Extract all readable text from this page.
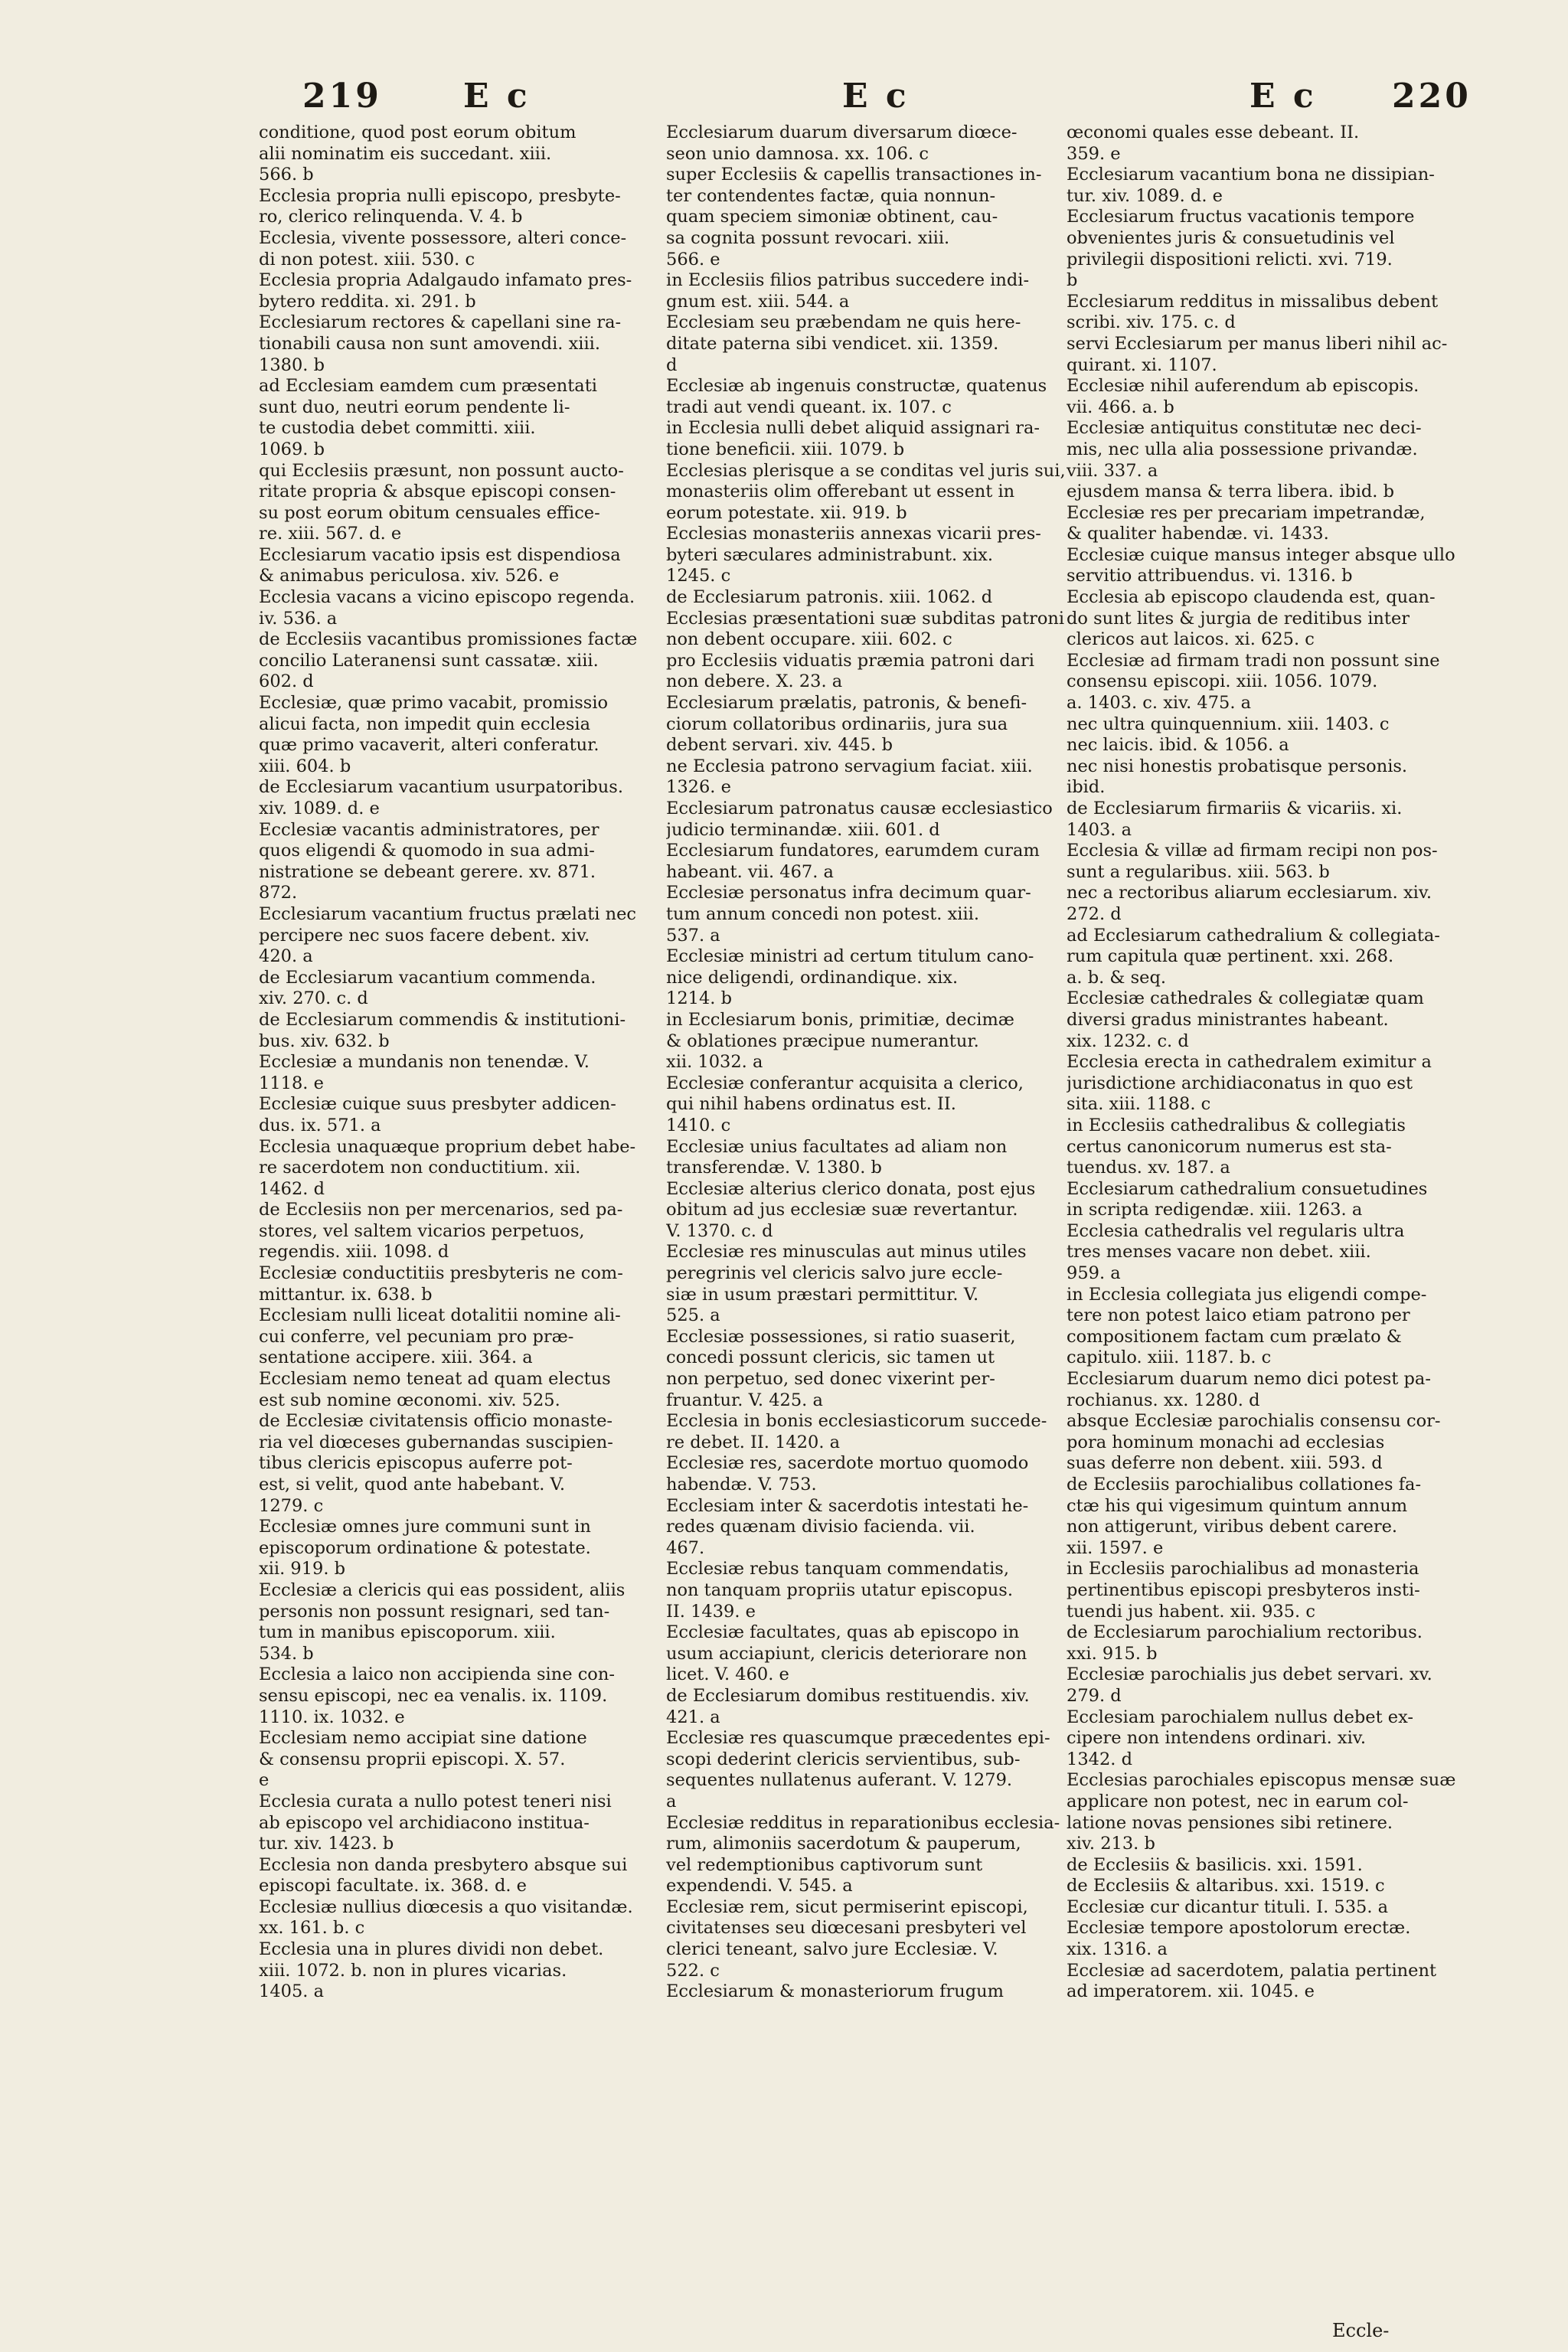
219 E c	E c	E c 220
conditione, quod post eorum obitum
alii nominatim eis succedant. xiii.
566. b
Ecclesia propria nulli episcopo, presbyte-
ro, clerico relinquenda. V. 4. b
Ecclesia, vivente possessore, alteri conce-
di non potest. xiii. 530. c
Ecclesia propria Adalgaudo infamato pres-
bytero reddita. xi. 291. b
Ecclesiarum rectores & capellani sine ra-
tionabili causa non sunt amovendi. xiii.
1380. b
ad Ecclesiam eamdem cum præsentati
sunt duo, neutri eorum pendente li-
te custodia debet committi. xiii.
1069. b
qui Ecclesiis præsunt, non possunt aucto-
ritate propria & absque episcopi consen-
su post eorum obitum censuales effice-
re. xiii. 567. d. e
Ecclesiarum vacatio ipsis est dispendiosa
& animabus periculosa. xiv. 526. e
Ecclesia vacans a vicino episcopo regenda.
iv. 536. a
de Ecclesiis vacantibus promissiones factæ
concilio Lateranensi sunt cassatæ. xiii.
602. d
Ecclesiæ, quæ primo vacabit, promissio
alicui facta, non impedit quin ecclesia
quæ primo vacaverit, alteri conferatur.
xiii. 604. b
de Ecclesiarum vacantium usurpatoribus.
xiv. 1089. d. e
Ecclesiæ vacantis administratores, per
quos eligendi & quomodo in sua admi-
nistratione se debeant gerere. xv. 871.
872.
Ecclesiarum vacantium fructus prælati nec
percipere nec suos facere debent. xiv.
420. a
de Ecclesiarum vacantium commenda.
xiv. 270. c. d
de Ecclesiarum commendis & institutioni-
bus. xiv. 632. b
Ecclesiæ a mundanis non tenendæ. V.
1118. e
Ecclesiæ cuique suus presbyter addicen-
dus. ix. 571. a
Ecclesia unaquæque proprium debet habe-
re sacerdotem non conductitium. xii.
1462. d
de Ecclesiis non per mercenarios, sed pa-
stores, vel saltem vicarios perpetuos,
regendis. xiii. 1098. d
Ecclesiæ conductitiis presbyteris ne com-
mittantur. ix. 638. b
Ecclesiam nulli liceat dotalitii nomine ali-
cui conferre, vel pecuniam pro præ-
sentatione accipere. xiii. 364. a
Ecclesiam nemo teneat ad quam electus
est sub nomine œconomi. xiv. 525.
de Ecclesiæ civitatensis officio monaste-
ria vel diœceses gubernandas suscipien-
tibus clericis episcopus auferre pot-
est, si velit, quod ante habebant. V.
1279. c
Ecclesiæ omnes jure communi sunt in
episcoporum ordinatione & potestate.
xii. 919. b
Ecclesiæ a clericis qui eas possident, aliis
personis non possunt resignari, sed tan-
tum in manibus episcoporum. xiii.
534. b
Ecclesia a laico non accipienda sine con-
sensu episcopi, nec ea venalis. ix. 1109.
1110. ix. 1032. e
Ecclesiam nemo accipiat sine datione
& consensu proprii episcopi. X. 57.
e
Ecclesia curata a nullo potest teneri nisi
ab episcopo vel archidiacono institua-
tur. xiv. 1423. b
Ecclesia non danda presbytero absque sui
episcopi facultate. ix. 368. d. e
Ecclesiæ nullius diœcesis a quo visitandæ.
xx. 161. b. c
Ecclesia una in plures dividi non debet.
xiii. 1072. b. non in plures vicarias.
1405. a
Ecclesiarum duarum diversarum diœce-
seon unio damnosa. xx. 106. c
super Ecclesiis & capellis transactiones in-
ter contendentes factæ, quia nonnun-
quam speciem simoniæ obtinent, cau-
sa cognita possunt revocari. xiii.
566. e
in Ecclesiis filios patribus succedere indi-
gnum est. xiii. 544. a
Ecclesiam seu præbendam ne quis here-
ditate paterna sibi vendicet. xii. 1359.
d
Ecclesiæ ab ingenuis constructæ, quatenus
tradi aut vendi queant. ix. 107. c
in Ecclesia nulli debet aliquid assignari ra-
tione beneficii. xiii. 1079. b
Ecclesias plerisque a se conditas vel juris sui,
monasteriis olim offerebant ut essent in
eorum potestate. xii. 919. b
Ecclesias monasteriis annexas vicarii pres-
byteri sæculares administrabunt. xix.
1245. c
de Ecclesiarum patronis. xiii. 1062. d
Ecclesias præsentationi suæ subditas patroni
non debent occupare. xiii. 602. c
pro Ecclesiis viduatis præmia patroni dari
non debere. X. 23. a
Ecclesiarum prælatis, patronis, & benefi-
ciorum collatoribus ordinariis, jura sua
debent servari. xiv. 445. b
ne Ecclesia patrono servagium faciat. xiii.
1326. e
Ecclesiarum patronatus causæ ecclesiastico
judicio terminandæ. xiii. 601. d
Ecclesiarum fundatores, earumdem curam
habeant. vii. 467. a
Ecclesiæ personatus infra decimum quar-
tum annum concedi non potest. xiii.
537. a
Ecclesiæ ministri ad certum titulum cano-
nice deligendi, ordinandique. xix.
1214. b
in Ecclesiarum bonis, primitiæ, decimæ
& oblationes præcipue numerantur.
xii. 1032. a
Ecclesiæ conferantur acquisita a clerico,
qui nihil habens ordinatus est. II.
1410. c
Ecclesiæ unius facultates ad aliam non
transferendæ. V. 1380. b
Ecclesiæ alterius clerico donata, post ejus
obitum ad jus ecclesiæ suæ revertantur.
V. 1370. c. d
Ecclesiæ res minusculas aut minus utiles
peregrinis vel clericis salvo jure eccle-
siæ in usum præstari permittitur. V.
525. a
Ecclesiæ possessiones, si ratio suaserit,
concedi possunt clericis, sic tamen ut
non perpetuo, sed donec vixerint per-
fruantur. V. 425. a
Ecclesia in bonis ecclesiasticorum succede-
re debet. II. 1420. a
Ecclesiæ res, sacerdote mortuo quomodo
habendæ. V. 753.
Ecclesiam inter & sacerdotis intestati he-
redes quænam divisio facienda. vii.
467.
Ecclesiæ rebus tanquam commendatis,
non tanquam propriis utatur episcopus.
II. 1439. e
Ecclesiæ facultates, quas ab episcopo in
usum acciapiunt, clericis deteriorare non
licet. V. 460. e
de Ecclesiarum domibus restituendis. xiv.
421. a
Ecclesiæ res quascumque præcedentes epi-
scopi dederint clericis servientibus, sub-
sequentes nullatenus auferant. V. 1279.
a
Ecclesiæ redditus in reparationibus ecclesia-
rum, alimoniis sacerdotum & pauperum,
vel redemptionibus captivorum sunt
expendendi. V. 545. a
Ecclesiæ rem, sicut permiserint episcopi,
civitatenses seu diœcesani presbyteri vel
clerici teneant, salvo jure Ecclesiæ. V.
522. c
Ecclesiarum & monasteriorum frugum
œconomi quales esse debeant. II.
359. e
Ecclesiarum vacantium bona ne dissipian-
tur. xiv. 1089. d. e
Ecclesiarum fructus vacationis tempore
obvenientes juris & consuetudinis vel
privilegii dispositioni relicti. xvi. 719.
b
Ecclesiarum redditus in missalibus debent
scribi. xiv. 175. c. d
servi Ecclesiarum per manus liberi nihil ac-
quirant. xi. 1107.
Ecclesiæ nihil auferendum ab episcopis.
vii. 466. a. b
Ecclesiæ antiquitus constitutæ nec deci-
mis, nec ulla alia possessione privandæ.
viii. 337. a
ejusdem mansa & terra libera. ibid. b
Ecclesiæ res per precariam impetrandæ,
& qualiter habendæ. vi. 1433.
Ecclesiæ cuique mansus integer absque ullo
servitio attribuendus. vi. 1316. b
Ecclesia ab episcopo claudenda est, quan-
do sunt lites & jurgia de reditibus inter
clericos aut laicos. xi. 625. c
Ecclesiæ ad firmam tradi non possunt sine
consensu episcopi. xiii. 1056. 1079.
a. 1403. c. xiv. 475. a
nec ultra quinquennium. xiii. 1403. c
nec laicis. ibid. & 1056. a
nec nisi honestis probatisque personis.
ibid.
de Ecclesiarum firmariis & vicariis. xi.
1403. a
Ecclesia & villæ ad firmam recipi non pos-
sunt a regularibus. xiii. 563. b
nec a rectoribus aliarum ecclesiarum. xiv.
272. d
ad Ecclesiarum cathedralium & collegiata-
rum capitula quæ pertinent. xxi. 268.
a. b. & seq.
Ecclesiæ cathedrales & collegiatæ quam
diversi gradus ministrantes habeant.
xix. 1232. c. d
Ecclesia erecta in cathedralem eximitur a
jurisdictione archidiaconatus in quo est
sita. xiii. 1188. c
in Ecclesiis cathedralibus & collegiatis
certus canonicorum numerus est sta-
tuendus. xv. 187. a
Ecclesiarum cathedralium consuetudines
in scripta redigendæ. xiii. 1263. a
Ecclesia cathedralis vel regularis ultra
tres menses vacare non debet. xiii.
959. a
in Ecclesia collegiata jus eligendi compe-
tere non potest laico etiam patrono per
compositionem factam cum prælato &
capitulo. xiii. 1187. b. c
Ecclesiarum duarum nemo dici potest pa-
rochianus. xx. 1280. d
absque Ecclesiæ parochialis consensu cor-
pora hominum monachi ad ecclesias
suas deferre non debent. xiii. 593. d
de Ecclesiis parochialibus collationes fa-
ctæ his qui vigesimum quintum annum
non attigerunt, viribus debent carere.
xii. 1597. e
in Ecclesiis parochialibus ad monasteria
pertinentibus episcopi presbyteros insti-
tuendi jus habent. xii. 935. c
de Ecclesiarum parochialium rectoribus.
xxi. 915. b
Ecclesiæ parochialis jus debet servari. xv.
279. d
Ecclesiam parochialem nullus debet ex-
cipere non intendens ordinari. xiv.
1342. d
Ecclesias parochiales episcopus mensæ suæ
applicare non potest, nec in earum col-
latione novas pensiones sibi retinere.
xiv. 213. b
de Ecclesiis & basilicis. xxi. 1591.
de Ecclesiis & altaribus. xxi. 1519. c
Ecclesiæ cur dicantur tituli. I. 535. a
Ecclesiæ tempore apostolorum erectæ.
xix. 1316. a
Ecclesiæ ad sacerdotem, palatia pertinent
ad imperatorem. xii. 1045. e
Eccle-
